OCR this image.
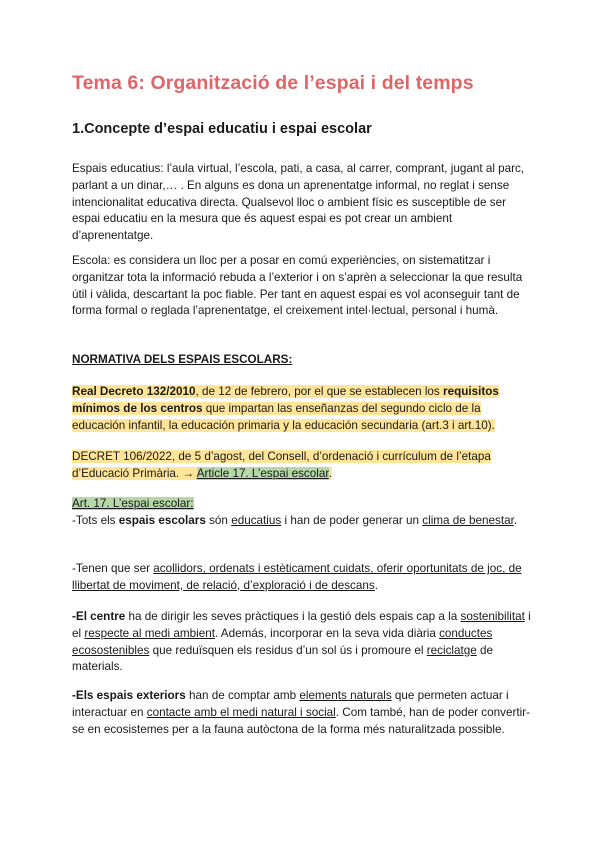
Tema 6: Organització de l’espai i del temps
1.Concepte d’espai educatiu i espai escolar

Espais educatius: l’aula virtual, l’escola, pati, a casa, al carrer, comprant, jugant al parc, parlant a un dinar,… . En alguns es dona un aprenentatge informal, no reglat i sense intencionalitat educativa directa. Qualsevol lloc o ambient físic es susceptible de ser espai educatiu en la mesura que és aquest espai es pot crear un ambient d’aprenentatge.

Escola: es considera un lloc per a posar en comú experiències, on sistematitzar i organitzar tota la informació rebuda a l’exterior i on s’aprèn a seleccionar la que resulta útil i vàlida, descartant la poc fiable. Per tant en aquest espai es vol aconseguir tant de forma formal o reglada l’aprenentatge, el creixement intel·lectual, personal i humà.

NORMATIVA DELS ESPAIS ESCOLARS:

Real Decreto 132/2010, de 12 de febrero, por el que se establecen los requisitos mínimos de los centros que impartan las enseñanzas del segundo ciclo de la educación infantil, la educación primaria y la educación secundaria (art.3 i art.10).

DECRET 106/2022, de 5 d’agost, del Consell, d’ordenació i currículum de l’etapa d’Educació Primària. → Article 17. L’espai escolar.

Art. 17. L’espai escolar:

-Tots els espais escolars són educatius i han de poder generar un clima de benestar.

-Tenen que ser acollidors, ordenats i estèticament cuidats, oferir oportunitats de joc, de llibertat de moviment, de relació, d’exploració i de descans.

-El centre ha de dirigir les seves pràctiques i la gestió dels espais cap a la sostenibilitat i el respecte al medi ambient. Además, incorporar en la seva vida diària conductes ecosostenibles que reduïsquen els residus d’un sol ús i promoure el reciclatge de materials.

-Els espais exteriors han de comptar amb elements naturals que permeten actuar i interactuar en contacte amb el medi natural i social. Com també, han de poder convertir-se en ecosistemes per a la fauna autòctona de la forma més naturalitzada possible.
